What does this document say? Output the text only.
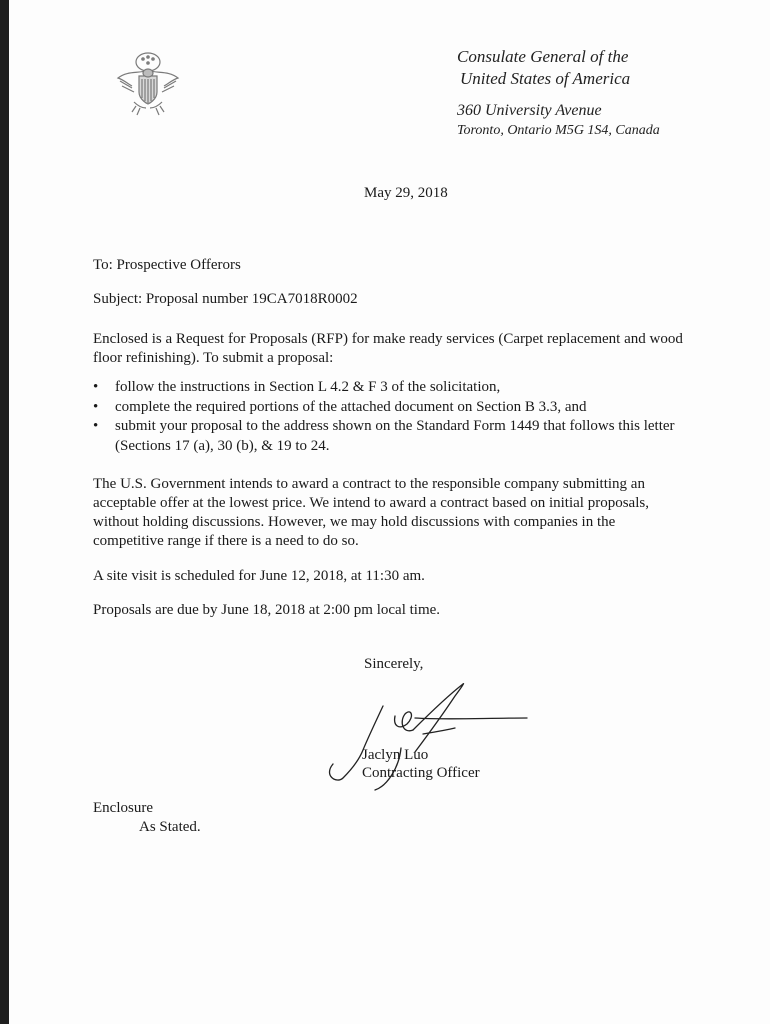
Consulate General of the
United States of America
360 University Avenue
Toronto, Ontario M5G 1S4, Canada
May 29, 2018
To: Prospective Offerors
Subject: Proposal number 19CA7018R0002
Enclosed is a Request for Proposals (RFP) for make ready services (Carpet replacement and wood
floor refinishing). To submit a proposal:
• follow the instructions in Section L 4.2 & F 3 of the solicitation,
• complete the required portions of the attached document on Section B 3.3, and
• submit your proposal to the address shown on the Standard Form 1449 that follows this letter
(Sections 17 (a), 30 (b), & 19 to 24.
The U.S. Government intends to award a contract to the responsible company submitting an
acceptable offer at the lowest price. We intend to award a contract based on initial proposals,
without holding discussions. However, we may hold discussions with companies in the
competitive range if there is a need to do so.
A site visit is scheduled for June 12, 2018, at 11:30 am.
Proposals are due by June 18, 2018 at 2:00 pm local time.
Sincerely,
Jaclyn Luo
Contracting Officer
Enclosure
As Stated.
